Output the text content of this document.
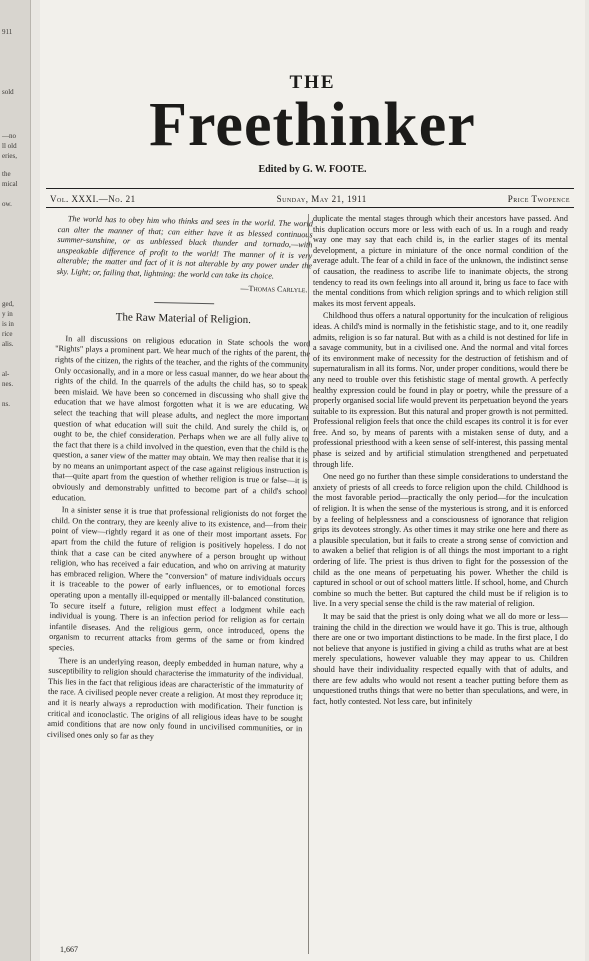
911
sold
—no
ll old
eries,
the
mical
ow.
ged,
y in
is in
rice
alis.
al-
nes.
ns.
THE
Freethinker
Edited by G. W. FOOTE.
Vol. XXXI.—No. 21	Sunday, May 21, 1911	Price Twopence

The world has to obey him who thinks and sees in the world. The world can alter the manner of that; can either have it as blessed continuous summer-sunshine, or as unblessed black thunder and tornado,—with unspeakable difference of profit to the world! The manner of it is very alterable; the matter and fact of it is not alterable by any power under the sky. Light; or, failing that, lightning: the world can take its choice.

—Thomas Carlyle.
The Raw Material of Religion.

In all discussions on religious education in State schools the word "Rights" plays a prominent part. We hear much of the rights of the parent, the rights of the citizen, the rights of the teacher, and the rights of the community. Only occasionally, and in a more or less casual manner, do we hear about the rights of the child. In the quarrels of the adults the child has, so to speak, been mislaid. We have been so concerned in discussing who shall give the education that we have almost forgotten what it is we are educating. We select the teaching that will please adults, and neglect the more important question of what education will suit the child. And surely the child is, or ought to be, the chief consideration. Perhaps when we are all fully alive to the fact that there is a child involved in the question, even that the child is the question, a saner view of the matter may obtain. We may then realise that it is by no means an unimportant aspect of the case against religious instruction is that—quite apart from the question of whether religion is true or false—it is obviously and demonstrably unfitted to become part of a child's school education.

In a sinister sense it is true that professional religionists do not forget the child. On the contrary, they are keenly alive to its existence, and—from their point of view—rightly regard it as one of their most important assets. For apart from the child the future of religion is positively hopeless. I do not think that a case can be cited anywhere of a person brought up without religion, who has received a fair education, and who on arriving at maturity has embraced religion. Where the "conversion" of mature individuals occurs it is traceable to the power of early influences, or to emotional forces operating upon a mentally ill-equipped or mentally ill-balanced constitution. To secure itself a future, religion must effect a lodgment while each individual is young. There is an infection period for religion as for certain infantile diseases. And the religious germ, once introduced, opens the organism to recurrent attacks from germs of the same or from kindred species.

There is an underlying reason, deeply embedded in human nature, why a susceptibility to religion should characterise the immaturity of the individual. This lies in the fact that religious ideas are characteristic of the immaturity of the race. A civilised people never create a religion. At most they reproduce it; and it is nearly always a reproduction with modification. Their function is critical and iconoclastic. The origins of all religious ideas have to be sought amid conditions that are now only found in uncivilised communities, or in civilised ones only so far as they

duplicate the mental stages through which their ancestors have passed. And this duplication occurs more or less with each of us. In a rough and ready way one may say that each child is, in the earlier stages of its mental development, a picture in miniature of the once normal condition of the average adult. The fear of a child in face of the unknown, the indistinct sense of causation, the readiness to ascribe life to inanimate objects, the strong tendency to read its own feelings into all around it, bring us face to face with the mental conditions from which religion springs and to which religion still makes its most fervent appeals.

Childhood thus offers a natural opportunity for the inculcation of religious ideas. A child's mind is normally in the fetishistic stage, and to it, one readily admits, religion is so far natural. But with as a child is not destined for life in a savage community, but in a civilised one. And the normal and vital forces of its environment make of necessity for the destruction of fetishism and of supernaturalism in all its forms. Nor, under proper conditions, would there be any need to trouble over this fetishistic stage of mental growth. A perfectly healthy expression could be found in play or poetry, while the pressure of a properly organised social life would prevent its perpetuation beyond the years suitable to its expression. But this natural and proper growth is not permitted. Professional religion feels that once the child escapes its control it is for ever free. And so, by means of parents with a mistaken sense of duty, and a professional priesthood with a keen sense of self-interest, this passing mental phase is seized and by artificial stimulation strengthened and perpetuated through life.

One need go no further than these simple considerations to understand the anxiety of priests of all creeds to force religion upon the child. Childhood is the most favorable period—practically the only period—for the inculcation of religion. It is when the sense of the mysterious is strong, and it is enforced by a feeling of helplessness and a consciousness of ignorance that religion grips its devotees strongly. As other times it may strike one here and there as a plausible speculation, but it fails to create a strong sense of conviction and to awaken a belief that religion is of all things the most important to a right ordering of life. The priest is thus driven to fight for the possession of the child as the one means of perpetuating his power. Whether the child is captured in school or out of school matters little. If school, home, and Church combine so much the better. But captured the child must be if religion is to live. In a very special sense the child is the raw material of religion.

It may be said that the priest is only doing what we all do more or less—training the child in the direction we would have it go. This is true, although there are one or two important distinctions to be made. In the first place, I do not believe that anyone is justified in giving a child as truths what are at best merely speculations, however valuable they may appear to us. Children should have their individuality respected equally with that of adults, and there are few adults who would not resent a teacher putting before them as unquestioned truths things that were no better than speculations, and were, in fact, hotly contested. Not less care, but infinitely

1,667
